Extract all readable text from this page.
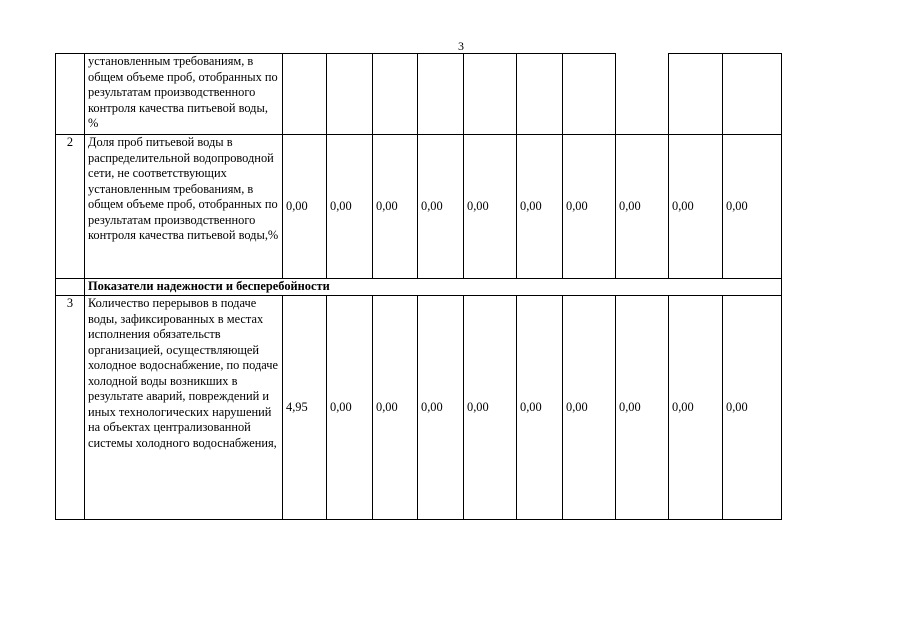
3
	установленным требованиям, в общем объеме проб, отобранных по результатам производственного контроля качества питьевой воды, %										
2	Доля проб питьевой воды в распределительной водопроводной сети, не соответствующих установленным требованиям, в общем объеме проб, отобранных по результатам производственного контроля качества питьевой воды,%	0,00	0,00	0,00	0,00	0,00	0,00	0,00	0,00	0,00	0,00
	Показатели надежности и бесперебойности										
3	Количество перерывов в подаче воды, зафиксированных в местах исполнения обязательств организацией, осуществляющей холодное водоснабжение, по подаче холодной воды возникших в результате аварий, повреждений и иных технологических нарушений на объектах централизованной системы холодного водоснабжения,	4,95	0,00	0,00	0,00	0,00	0,00	0,00	0,00	0,00	0,00
